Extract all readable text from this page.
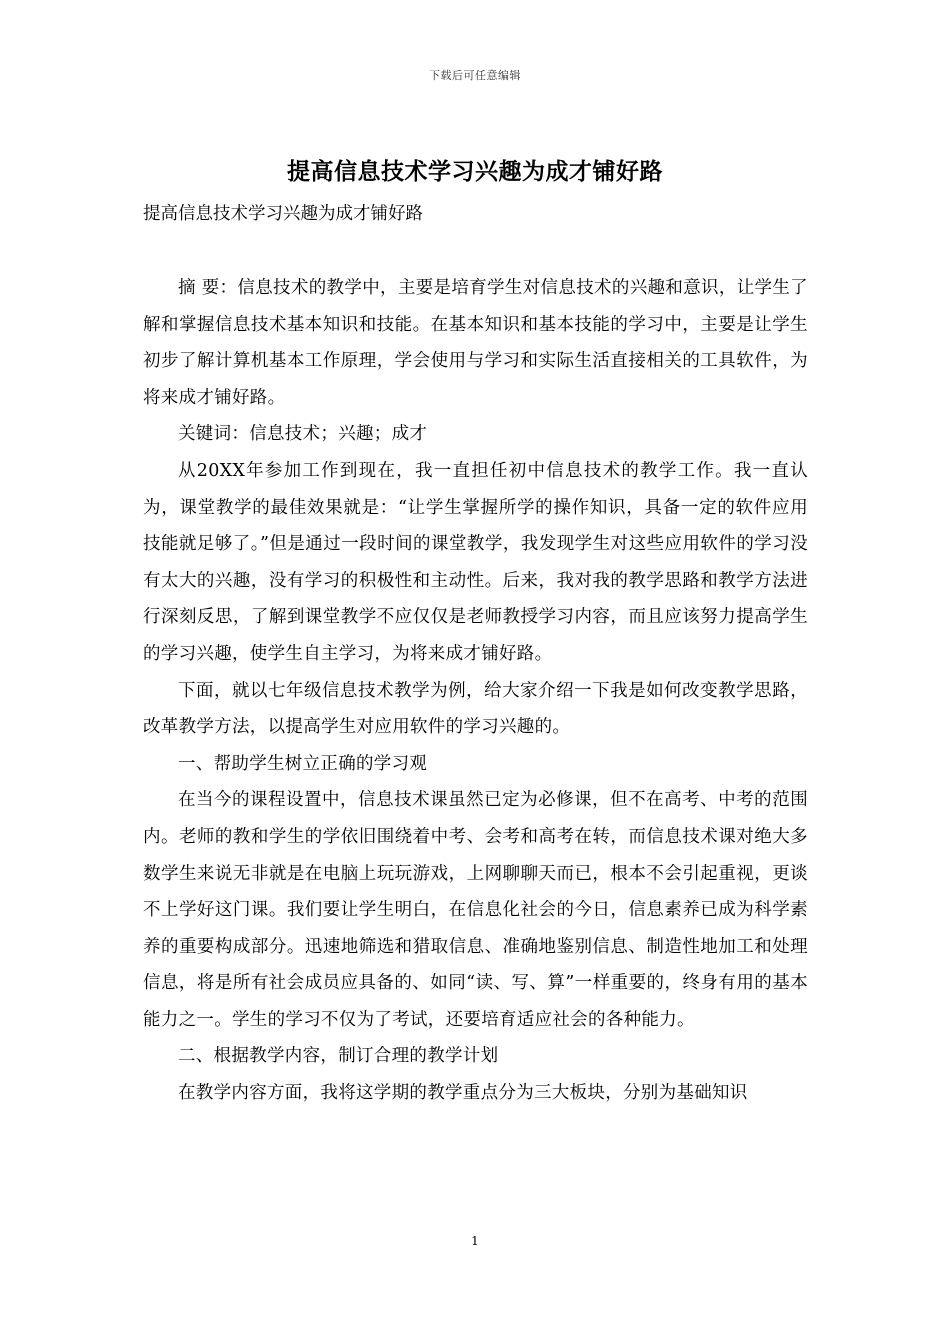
下载后可任意编辑
提高信息技术学习兴趣为成才铺好路
提高信息技术学习兴趣为成才铺好路

摘 要：信息技术的教学中，主要是培育学生对信息技术的兴趣和意识，让学生了解和掌握信息技术基本知识和技能。在基本知识和基本技能的学习中，主要是让学生初步了解计算机基本工作原理，学会使用与学习和实际生活直接相关的工具软件，为将来成才铺好路。

关键词：信息技术；兴趣；成才

从20XX年参加工作到现在，我一直担任初中信息技术的教学工作。我一直认为，课堂教学的最佳效果就是：“让学生掌握所学的操作知识，具备一定的软件应用技能就足够了。”但是通过一段时间的课堂教学，我发现学生对这些应用软件的学习没有太大的兴趣，没有学习的积极性和主动性。后来，我对我的教学思路和教学方法进行深刻反思，了解到课堂教学不应仅仅是老师教授学习内容，而且应该努力提高学生的学习兴趣，使学生自主学习，为将来成才铺好路。

下面，就以七年级信息技术教学为例，给大家介绍一下我是如何改变教学思路，改革教学方法，以提高学生对应用软件的学习兴趣的。

一、帮助学生树立正确的学习观

在当今的课程设置中，信息技术课虽然已定为必修课，但不在高考、中考的范围内。老师的教和学生的学依旧围绕着中考、会考和高考在转，而信息技术课对绝大多数学生来说无非就是在电脑上玩玩游戏，上网聊聊天而已，根本不会引起重视，更谈不上学好这门课。我们要让学生明白，在信息化社会的今日，信息素养已成为科学素养的重要构成部分。迅速地筛选和猎取信息、准确地鉴别信息、制造性地加工和处理信息，将是所有社会成员应具备的、如同“读、写、算”一样重要的，终身有用的基本能力之一。学生的学习不仅为了考试，还要培育适应社会的各种能力。

二、根据教学内容，制订合理的教学计划

在教学内容方面，我将这学期的教学重点分为三大板块，分别为基础知识

1
